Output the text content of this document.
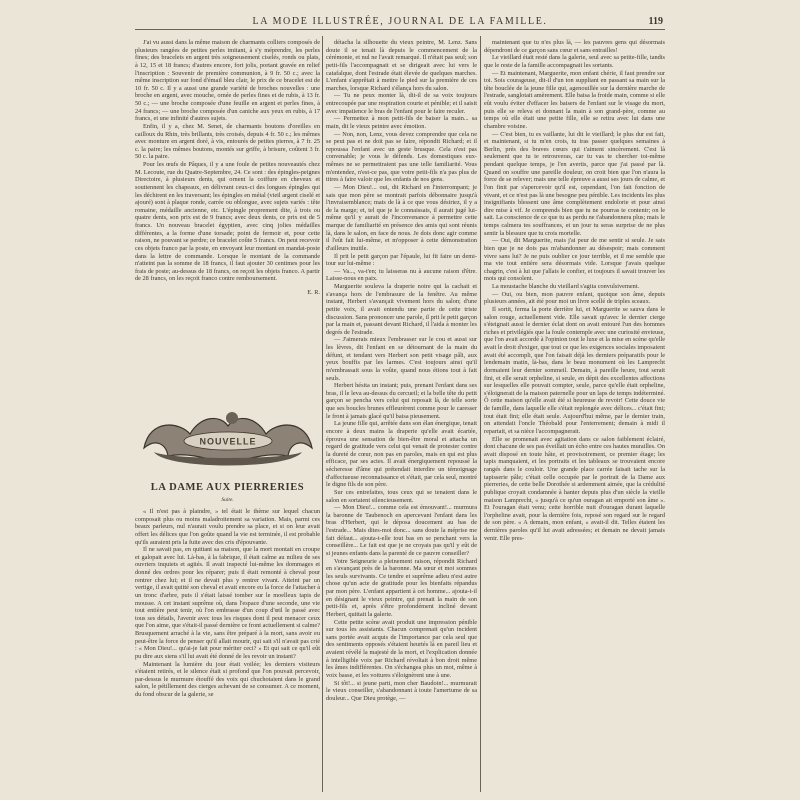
LA MODE ILLUSTRÉE, JOURNAL DE LA FAMILLE.	119

J'ai vu aussi dans la même maison de charmants colliers composés de plusieurs rangées de petites perles imitant, à s'y méprendre, les perles fines; des bracelets en argent très soigneusement ciselés, ronds ou plats, à 12, 15 et 18 francs; d'autres encore, fort jolis, portant gravée en relief l'inscription : Souvenir de première communion, à 9 fr. 50 c.; avec la même inscription sur fond d'émail bleu clair, le prix de ce bracelet est de 10 fr. 50 c. Il y a aussi une grande variété de broches nouvelles : une broche en argent, avec mouche, ornée de perles fines et de rubis, à 13 fr. 50 c.; — une broche composée d'une feuille en argent et perles fines, à 24 francs; — une broche composée d'un caniche aux yeux en rubis, à 17 francs, et une infinité d'autres sujets.

Enfin, il y a, chez M. Senet, de charmants boutons d'oreilles en cailloux du Rhin, très brillants, très croisés, depuis 4 fr. 50 c.; les mêmes avec monture en argent doré, à vis, entourés de petites pierres, à 7 fr. 25 c. la paire; les mêmes boutons, montés sur griffe, à brisure, coûtent 3 fr. 50 c. la paire.

Pour les œufs de Pâques, il y a une foule de petites nouveautés chez M. Lecoute, rue du Quatre-Septembre, 24. Ce sont : des épingles-peignes Directoire, à plusieurs dents, qui ornent la coiffure en cheveux et soutiennent les chapeaux, en délivrant ceux-ci des longues épingles qui les déchirent en les traversant; les épingles en métal (vieil argent ciselé et ajouré) sont à plaque ronde, carrée ou oblongue, avec sujets variés : tête romaine, médaille ancienne, etc. L'épingle proprement dite, à trois ou quatre dents, son prix est de 9 francs; avec deux dents, ce prix est de 5 francs. Un nouveau bracelet égyptien, avec cinq jolies médailles différentes, a la forme d'une torsade; point de fermoir et, pour cette raison, ne pouvant se perdre; ce bracelet coûte 5 francs. On peut recevoir ces objets franco par la poste, en envoyant leur montant en mandat-poste dans la lettre de commande. Lorsque le montant de la commande n'atteint pas la somme de 18 francs, il faut ajouter 30 centimes pour les frais de poste; au-dessus de 18 francs, on reçoit les objets franco. A partir de 28 francs, on les reçoit franco contre remboursement.

E. R.
NOUVELLE
LA DAME AUX PIERRERIES
Suite.

« Il n'est pas à plaindre, » tel était le thème sur lequel chacun composait plus ou moins maladroitement sa variation. Mais, parmi ces beaux parleurs, nul n'aurait voulu prendre sa place, et si on leur avait offert les délices que l'on goûte quand la vie est terminée, il est probable qu'ils auraient pris la fuite avec des cris d'épouvante.

Il ne savait pas, en quittant sa maison, que la mort montait en croupe et galopait avec lui. Là-bas, à la fabrique, il était calme au milieu de ses ouvriers inquiets et agités. Il avait inspecté lui-même les dommages et donné des ordres pour les réparer; puis il était remonté à cheval pour rentrer chez lui; et il ne devait plus y rentrer vivant. Atteint par un vertige, il avait quitté son cheval et avait encore eu la force de l'attacher à un tronc d'arbre, puis il s'était laissé tomber sur le moelleux tapis de mousse. A cet instant suprême où, dans l'espace d'une seconde, une vie tout entière peut tenir, où l'on embrasse d'un coup d'œil le passé avec tous ses détails, l'avenir avec tous les risques dont il peut menacer ceux que l'on aime, que s'était-il passé dernière ce front actuellement si calme? Brusquement arraché à la vie, sans être préparé à la mort, sans avoir eu peut-être la force de penser qu'il allait mourir, qui sait s'il n'avait pas crié : « Mon Dieu!... qu'ai-je fait pour mériter ceci? » Et qui sait ce qu'il eût pu dire aux siens s'il lui avait été donné de les revoir un instant?

Maintenant la lumière du jour était voilée; les derniers visiteurs s'étaient retirés, et le silence était si profond que l'on pouvait percevoir, par-dessus le murmure étouffé des voix qui chuchotaient dans le grand salon, le pétillement des cierges achevant de se consumer. A ce moment, du fond obscur de la galerie, se

détacha la silhouette du vieux peintre, M. Lenz. Sans doute il se tenait là depuis le commencement de la cérémonie, et nul ne l'avait remarqué. Il n'était pas seul; son petit-fils l'accompagnait et se dirigeait avec lui vers le catafalque, dont l'estrade était élevée de quelques marches. L'enfant s'apprêtait à mettre le pied sur la première de ces marches, lorsque Richard s'élança hors du salon.

— Tu ne peux monter là, dit-il de sa voix toujours entrecoupée par une respiration courte et pénible; et il saisit avec impatience le bras de l'enfant pour le faire reculer.

— Permettez à mon petit-fils de baiser la main... sa main, dit le vieux peintre avec émotion.

— Non, non, Lenz, vous devez comprendre que cela ne se peut pas et ne doit pas se faire, répondit Richard; et il repoussa l'enfant avec un geste brusque. Cela n'est pas convenable; je vous le défends. Les domestiques eux-mêmes ne se permettraient pas une telle familiarité. Vous m'entendez, n'est-ce pas, que votre petit-fils n'a pas plus de titres à faire valoir que les enfants de nos gens.

— Mon Dieu!... oui, dit Richard en l'interrompant; je sais que mon père se montrait parfois débonnaire jusqu'à l'invraisemblance; mais de là à ce que vous désiriez, il y a de la marge; et, tel que je le connaissais, il aurait jugé lui-même qu'il y aurait de l'inconvenance à permettre cette marque de familiarité en présence des amis qui sont réunis là, dans le salon, en face de nous. Je dois donc agir comme il l'eût fait lui-même, et m'opposer à cette démonstration d'ailleurs inutile.

Il prit le petit garçon par l'épaule, lui fit faire un demi-tour sur lui-même :

— Va..., va-t'en; tu laisseras nu à aucune raison d'être. Laisse-nous en paix.

Marguerite soulevа la draperie noire qui la cachait et s'avança hors de l'embrasure de la fenêtre. Au même instant, Herbert s'avançait vivement hors du salon; d'une petite voix, il avait entendu une partie de cette triste discussion. Sans prononcer une parole, il prit le petit garçon par la main et, passant devant Richard, il l'aida à monter les degrés de l'estrade.

— J'aimerais mieux l'embrasser sur le cou et aussi sur les lèvres, dit l'enfant en se détournant de la main du défunt, et tendant vers Herbert son petit visage pâli, aux yeux bouffis par les larmes. C'est toujours ainsi qu'il m'embrassait sous la voûte, quand nous étions tout à fait seuls.

Herbert hésita un instant; puis, prenant l'enfant dans ses bras, il le leva au-dessus du cercueil; et la belle tête du petit garçon se pencha vers celui qui reposait là, de telle sorte que ses boucles brunes effleurèrent comme pour le caresser le front à jamais glacé qu'il baisa pieusement.

La jeune fille qui, arrêtée dans son élan énergique, tenait encore à deux mains la draperie qu'elle avait écartée, éprouva une sensation de bien-être moral et attacha un regard de gratitude vers celui qui venait de protester contre la dureté de cœur, non pas en paroles, mais en qui est plus efficace, par ses actes. Il avait énergiquement repoussé la sécheresse d'âme qui prétendait interdire un témoignage d'affectueuse reconnaissance et s'était, par cela seul, montré le digne fils de son père.

Sur ces entrefaites, tous ceux qui se tenaient dans le salon en sortaient silencieusement.

— Mon Dieu!... comme cela est émouvant!... murmura la baronne de Taubenoch en apercevant l'enfant dans les bras d'Herbert, qui le déposa doucement au bas de l'estrade... Mais dites-moi donc... sans doute la méprise me fait défaut... ajouta-t-elle tout bas en se penchant vers la conseillère... Le fait est que je ne croyais pas qu'il y eût de si jeunes enfants dans la parenté de ce pauvre conseiller?

Votre Seigneurie a pleinement raison, répondit Richard en s'avançant près de la baronne. Ma sœur et moi sommes les seuls survivants. Ce tendre et suprême adieu n'est autre chose qu'un acte de gratitude pour les bienfaits répandus par mon père. L'enfant appartient à cet homme... ajouta-t-il en désignant le vieux peintre, qui prenait la main de son petit-fils et, après s'être profondément incliné devant Herbert, quittait la galerie.

Cette petite scène avait produit une impression pénible sur tous les assistants. Chacun comprenait qu'un incident sans portée avait acquis de l'importance par cela seul que des sentiments opposés s'étaient heurtés là en pareil lieu et avaient révélé la majesté de la mort, et l'explication donnée à intelligible voix par Richard révoltait à bon droit même les âmes indifférentes. On s'échangea plus un mot, même à voix basse, et les voitures s'éloignèrent une à une.

Si tôt!... si jeune parti, mon cher Baudoin!... murmurait le vieux conseiller, s'abandonnant à toute l'amertume de sa douleur... Que Dieu protège, —

maintenant que tu n'es plus là, — les pauvres gens qui désormais dépendront de ce garçon sans cœur et sans entrailles!

Le vieillard était resté dans la galerie, seul avec sa petite-fille, tandis que le reste de la famille accompagnait les sortants.

— Et maintenant, Marguerite, mon enfant chérie, il faut prendre sur toi. Sois courageuse, dit-il d'un ton suppliant en passant sa main sur la tête bouclée de la jeune fille qui, agenouillée sur la dernière marche de l'estrade, sanglotait amèrement. Elle baisa la froide main, comme si elle eût voulu éviter d'effacer les baisers de l'enfant sur le visage du mort, puis elle se releva et donnant la main à son grand-père, comme au temps où elle était une petite fille, elle se retira avec lui dans une chambre voisine.

— C'est bien, tu es vaillante, lui dit le vieillard; le plus dur est fait, et maintenant, si tu m'en crois, tu iras passer quelques semaines à Berlin, près des braves cœurs qui t'aiment sincèrement. C'est là seulement que tu te retrouveras, car tu vas te chercher toi-même pendant quelque temps, je l'en avertis, parce que j'ai passé par là. Quand on souffre une pareille douleur, on croit bien que l'on n'aura la force de se relever; mais une telle épreuve a aussi ses jours de calme, et l'on finit par s'apercevoir qu'il est, cependant, l'on fait fonction de vivant, et ce n'est pas là une besogne peu pénible. Les incidents les plus insignifiants blessent une âme complètement endolorie et pour ainsi dire mise à vif. Je comprends bien que tu ne pourras te contenir; on le sait. La conscience de ce que tu as perdu ne t'abandonnera plus; mais le temps calmera tes souffrances, et un jour tu seras surprise de ne plus sentir la blessure que tu crois mortelle.

— Oui, dit Marguerite, mais j'ai peur de me sentir si seule. Je sais bien que je ne dois pas m'abandonner au désespoir; mais comment vivre sans lui? Je ne puis oublier ce jour terrible, et il me semble que ma vie tout entière sera désormais vide. Lorsque j'avais quelque chagrin, c'est à lui que j'allais le confier, et toujours il savait trouver les mots qui consolent.

La moustache blanche du vieillard s'agita convulsivement.

— Oui, ou bien, mon pauvre enfant, quoique son âme, depuis plusieurs années, ait été pour moi un livre scellé de triples sceaux.

Il sortit, fermа la porte derrière lui, et Marguerite se sauva dans le salon rouge, actuellement vide. Elle savait qu'avec le dernier cierge s'éteignait aussi le dernier éclat dont on avait entouré l'un des hommes riches et privilégiés que la foule contemple avec une curiosité envieuse, que l'on avait accordé à l'opinion tout le luxe et la mise en scène qu'elle avait le droit d'exiger, que tout ce que les exigences sociales imposaient avait été accompli, que l'on faisait déjà les derniers préparatifs pour le lendemain matin, là-bas, dans le beau monument où les Lamprecht dormaient leur dernier sommeil. Demain, à pareille heure, tout serait fini, et elle serait orpheline, si seule, en dépit des excellentes affections sur lesquelles elle pouvait compter, seule, parce qu'elle était orpheline, s'éloignerait de la maison paternelle pour un laps de temps indéterminé. Ô cette maison qu'elle avait été si heureuse de revoir! Cette douce vie de famille, dans laquelle elle s'était replongée avec délices... c'était fini; tout était fini; elle était seule. Aujourd'hui même, par le dernier train, on attendait l'oncle Théobald pour l'enterrement; demain à midi il repartait, et sa nièce l'accompagnerait.

Elle se promenait avec agitation dans ce salon faiblement éclairé, dont chacune de ses pas éveillait un écho entre ces hautes murailles. On avait disposé en toute hâte, et provisoirement, ce premier étage; les tapis manquaient, et les portraits et les tableaux se trouvaient encore rangés dans le couloir. Une grande place carrée faisait tache sur la tapisserie pâle; c'était celle occupée par le portrait de la Dame aux pierreries, de cette belle Dorothée si ardemment aimée, que la crédulité publique croyait condamnée à hanter depuis plus d'un siècle la vieille maison Lamprecht, « jusqu'à ce qu'un ouragan ait emporté son âme ». Et l'ouragan était venu; cette horrible nuit d'ouragan durant laquelle l'orpheline avait, pour la dernière fois, reposé son regard sur le regard de son père. « A demain, mon enfant, » avait-il dit. Telles étaient les dernières paroles qu'il lui avait adressées; et demain ne devait jamais venir. Elle pres-
